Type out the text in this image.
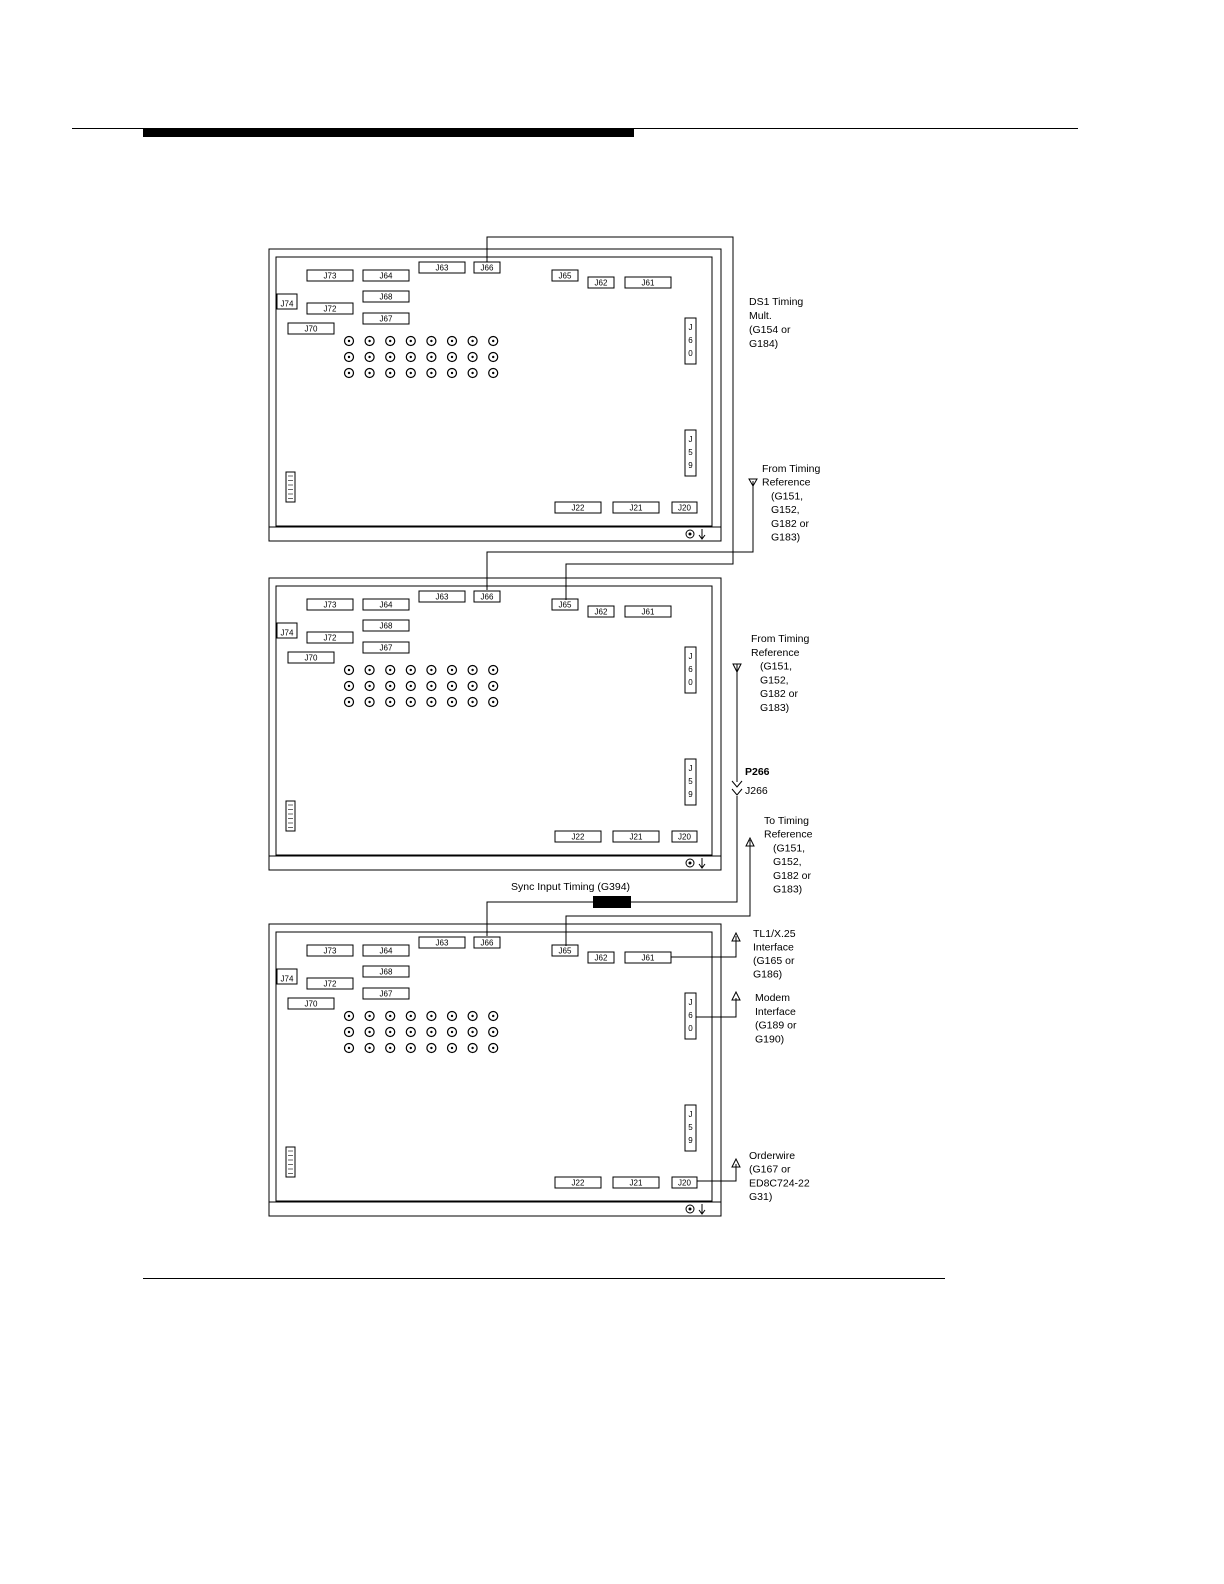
J73	J64
J63	J66
J65
J62	J61
J74
J72
J68
J67
J70
J22	J21	J20
J
6
0
J
5
9
J73	J64
J63	J66
J65
J62	J61
J74
J72
J68
J67
J70
J22	J21	J20
J
6
0
J
5
9
J73	J64
J63	J66
J65
J62	J61
J74
J72
J68
J67
J70
J22	J21	J20
J
6
0
J
5
9
DS1 Timing
Mult.
(G154 or
G184)
From Timing
Reference
(G151,
G152,
G182 or
G183)
From Timing
Reference
(G151,
G152,
G182 or
G183)
To Timing
Reference
(G151,
G152,
G182 or
G183)
TL1/X.25
Interface
(G165 or
G186)
Modem
Interface
(G189 or
G190)
Orderwire
(G167 or
ED8C724-22
G31)
Sync Input Timing (G394)
P266
J266
